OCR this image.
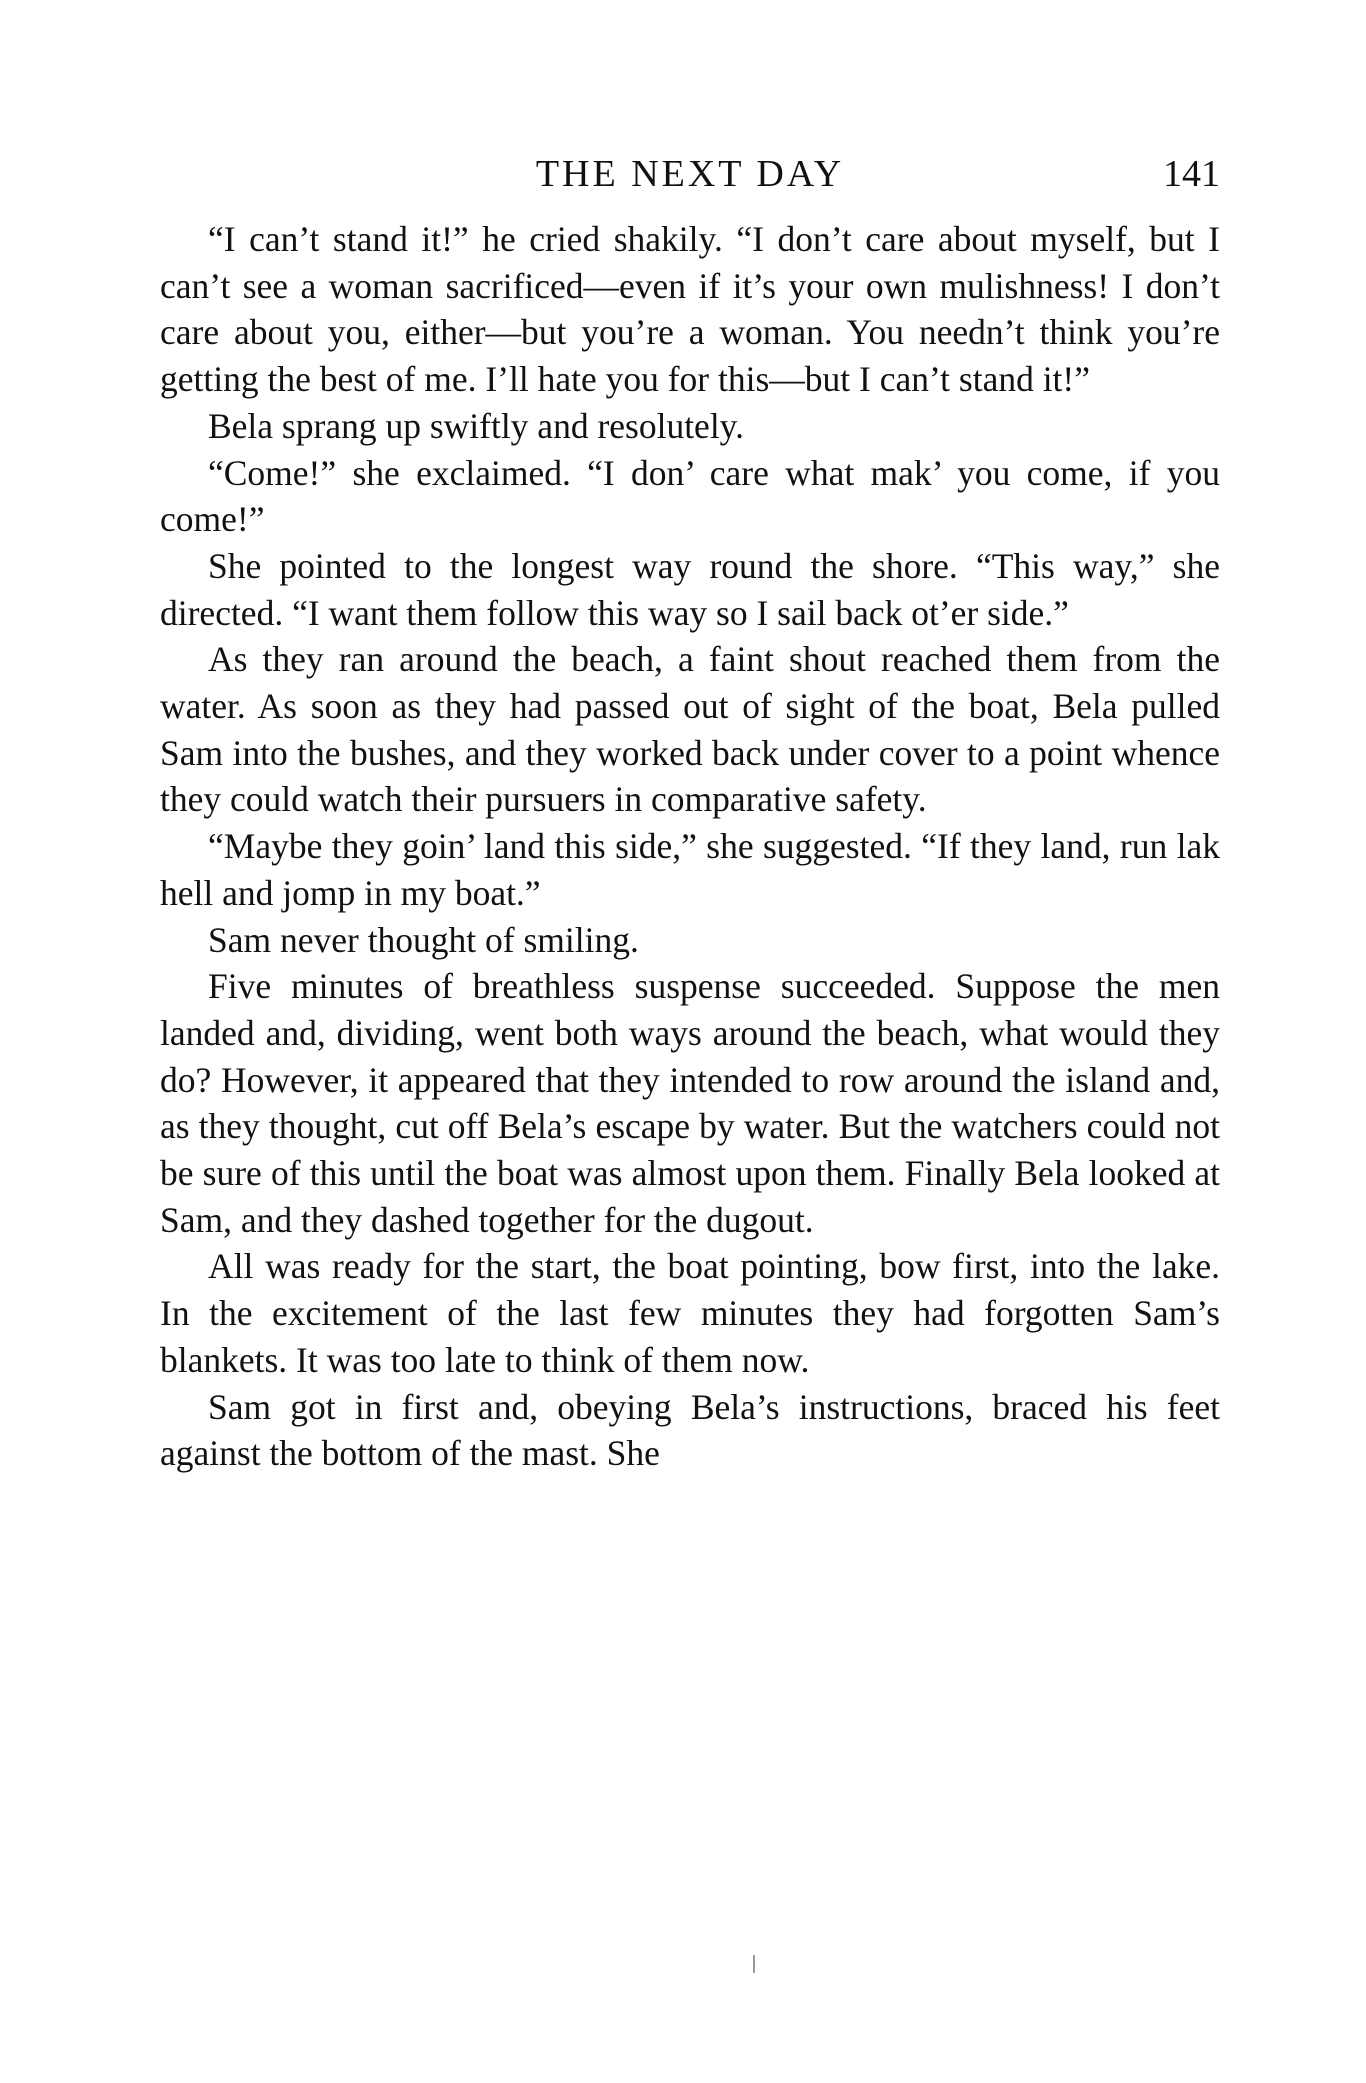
THE NEXT DAY	141

“I can’t stand it!” he cried shakily. “I don’t care about myself, but I can’t see a woman sacrificed—even if it’s your own mulishness! I don’t care about you, either—but you’re a woman. You needn’t think you’re getting the best of me. I’ll hate you for this—but I can’t stand it!”

Bela sprang up swiftly and resolutely.

“Come!” she exclaimed. “I don’ care what mak’ you come, if you come!”

She pointed to the longest way round the shore. “This way,” she directed. “I want them follow this way so I sail back ot’er side.”

As they ran around the beach, a faint shout reached them from the water. As soon as they had passed out of sight of the boat, Bela pulled Sam into the bushes, and they worked back under cover to a point whence they could watch their pursuers in comparative safety.

“Maybe they goin’ land this side,” she suggested. “If they land, run lak hell and jomp in my boat.”

Sam never thought of smiling.

Five minutes of breathless suspense succeeded. Suppose the men landed and, dividing, went both ways around the beach, what would they do? However, it appeared that they intended to row around the island and, as they thought, cut off Bela’s escape by water. But the watchers could not be sure of this until the boat was almost upon them. Finally Bela looked at Sam, and they dashed together for the dugout.

All was ready for the start, the boat pointing, bow first, into the lake. In the excitement of the last few minutes they had forgotten Sam’s blankets. It was too late to think of them now.

Sam got in first and, obeying Bela’s instructions, braced his feet against the bottom of the mast. She
